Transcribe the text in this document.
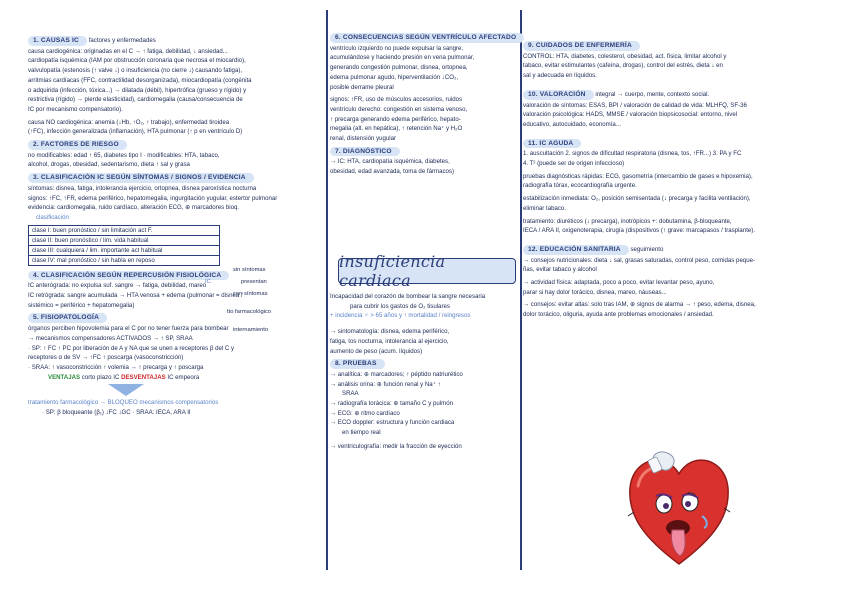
1. CAUSAS IC factores y enfermedades

causa cardiogénica: originadas en el C → ↑ fatiga, debilidad, ↓ ansiedad...

cardiopatía isquémica (IAM por obstrucción coronaria que necrosa el miocardio),

valvulopatía (estenosis (↑ valve ↓) o insuficiencia (no cierre ↓) causando fatiga),

arritmias cardíacas (FFC, contractilidad desorganizada), miocardiopatía (congénita

o adquirida (infección, tóxica...) → dilatada (débil), hipertrófica (grueso y rígido) y

restrictiva (rígido) → pierde elasticidad), cardiomegalia (causa/consecuencia de

IC por mecanismo compensatorio).

causa NO cardiogénica: anemia (↓Hb, ↑O₂, ↑ trabajo), enfermedad tiroidea

(↑FC), infección generalizada (inflamación), HTA pulmonar (↑ p en ventrículo D)

2. FACTORES DE RIESGO

no modificables: edad ↑ 65, diabetes tipo I · modificables: HTA, tabaco,

alcohol, drogas, obesidad, sedentarismo, dieta ↑ sal y grasa

3. CLASIFICACIÓN IC SEGÚN SÍNTOMAS / SIGNOS / EVIDENCIA

síntomas: disnea, fatiga, intolerancia ejercicio, ortopnea, disnea paroxística nocturna

signos: ↑FC, ↑FR, edema periférico, hepatomegalia, ingurgitación yugular, estertor pulmonar

evidencia: cardiomegalia, ruido cardíaco, alteración ECG, ⊕ marcadores bioq.

clasificación

clase I: buen pronóstico / sin limitación act F.
clase II: buen pronóstico / lim. vida habitual
clase III: cualquiera / lim. importante act habitual
clase IV: mal pronóstico / sin habla en reposo
4. CLASIFICACIÓN SEGÚN REPERCUSIÓN FISIOLÓGICA

IC anterógrada: no expulsa suf. sangre → fatiga, debilidad, mareo

IC retrógrada: sangre acumulada → HTA venosa + edema (pulmonar = disnea /

sistémico = periférico + hepatomegalia)

5. FISIOPATOLOGÍA

órganos perciben hipovolemia para el C por no tener fuerza para bombear

→ mecanismos compensadores ACTIVADOS → ↑ SP, SRAA

· SP: ↑ FC ↑ PC por liberación de A y NA que se unen a receptores β del C y

receptores α de SV → ↑FC ↑ poscarga (vasoconstricción)

· SRAA: ↑ vasoconstricción ↑ volemia → ↑ precarga y ↑ poscarga

VENTAJAS corto plazo IC DESVENTAJAS IC empeora

tratamiento farmacológico → BLOQUEO mecanismos compensatorios

· SP: β bloqueante (β₁) ↓FC ↓GC · SRAA: IECA, ARA II

IC
sin síntomas
presentan
con síntomas
tto farmacológico
internamiento
6. CONSECUENCIAS SEGÚN VENTRÍCULO AFECTADO

ventrículo izquierdo no puede expulsar la sangre,

acumulándose y haciendo presión en vena pulmonar,

generando congestión pulmonar, disnea, ortopnea,

edema pulmonar agudo, hiperventilación ↓CO₂,

posible derrame pleural

signos: ↑FR, uso de músculos accesorios, ruidos

ventrículo derecho: congestión en sistema venoso,

↑ precarga generando edema periférico, hepato-

megalia (alt. en hepática), ↑ retención Na⁺ y H₂O

renal, distensión yugular

7. DIAGNÓSTICO

→ IC: HTA, cardiopatía isquémica, diabetes,

obesidad, edad avanzada, toma de fármacos)

insuficiencia cardiaca

Incapacidad del corazón de bombear la sangre necesaria

para cubrir los gastos de O₂ tisulares

+ incidencia ♂ > 65 años y ↑ mortalidad / reingresos

→ sintomatología: disnea, edema periférico,

fatiga, tos nocturna, intolerancia al ejercicio,

aumento de peso (acum. líquidos)

8. PRUEBAS

→ analítica: ⊕ marcadores; ↑ péptido natriurético

→ análisis orina: ⊕ función renal y Na⁺ ↑

SRAA

→ radiografía torácica: ⊕ tamaño C y pulmón

→ ECG: ⊕ ritmo cardíaco

→ ECO doppler: estructura y función cardiaca

en tiempo real

→ ventriculografía: medir la fracción de eyección

9. CUIDADOS DE ENFERMERÍA

CONTROL: HTA, diabetes, colesterol, obesidad, act. física, limitar alcohol y

tabaco, evitar estimulantes (cafeína, drogas), control del estrés, dieta ↓ en

sal y adecuada en líquidos.

10. VALORACIÓN integral → cuerpo, mente, contexto social.

valoración de síntomas: ESAS, BPI / valoración de calidad de vida: MLHFQ, SF-36

valoración psicológica: HADS, MMSE / valoración biopsicosocial: entorno, nivel

educativo, autocuidado, economía...

11. IC AGUDA

1. auscultación 2. signos de dificultad respiratoria (disnea, tos, ↑FR...) 3. PA y FC

4. T² (puede ser de origen infeccioso)

pruebas diagnósticas rápidas: ECG, gasometría (intercambio de gases e hipoxemia),

radiografía tórax, ecocardiografía urgente.

estabilización inmediata: O₂, posición semisentada (↓ precarga y facilita ventilación),

eliminar tabaco.

tratamiento: diuréticos (↓ precarga), inotrópicos +: dobutamina, β-bloqueante,

IECA / ARA II, oxigenoterapia, cirugía (dispositivos (↑ grave: marcapasos / trasplante).

12. EDUCACIÓN SANITARIA seguimiento

→ consejos nutricionales: dieta ↓ sal, grasas saturadas, control peso, comidas peque-

ñas, evitar tabaco y alcohol

→ actividad física: adaptada, poco a poco, evitar levantar peso, ayuno,

parar si hay dolor torácico, disnea, mareo, náuseas...

→ consejos: evitar altas: solo tras IAM, ⊕ signos de alarma → ↑ peso, edema, disnea,

dolor torácico, oliguria, ayuda ante problemas emocionales / ansiedad.
